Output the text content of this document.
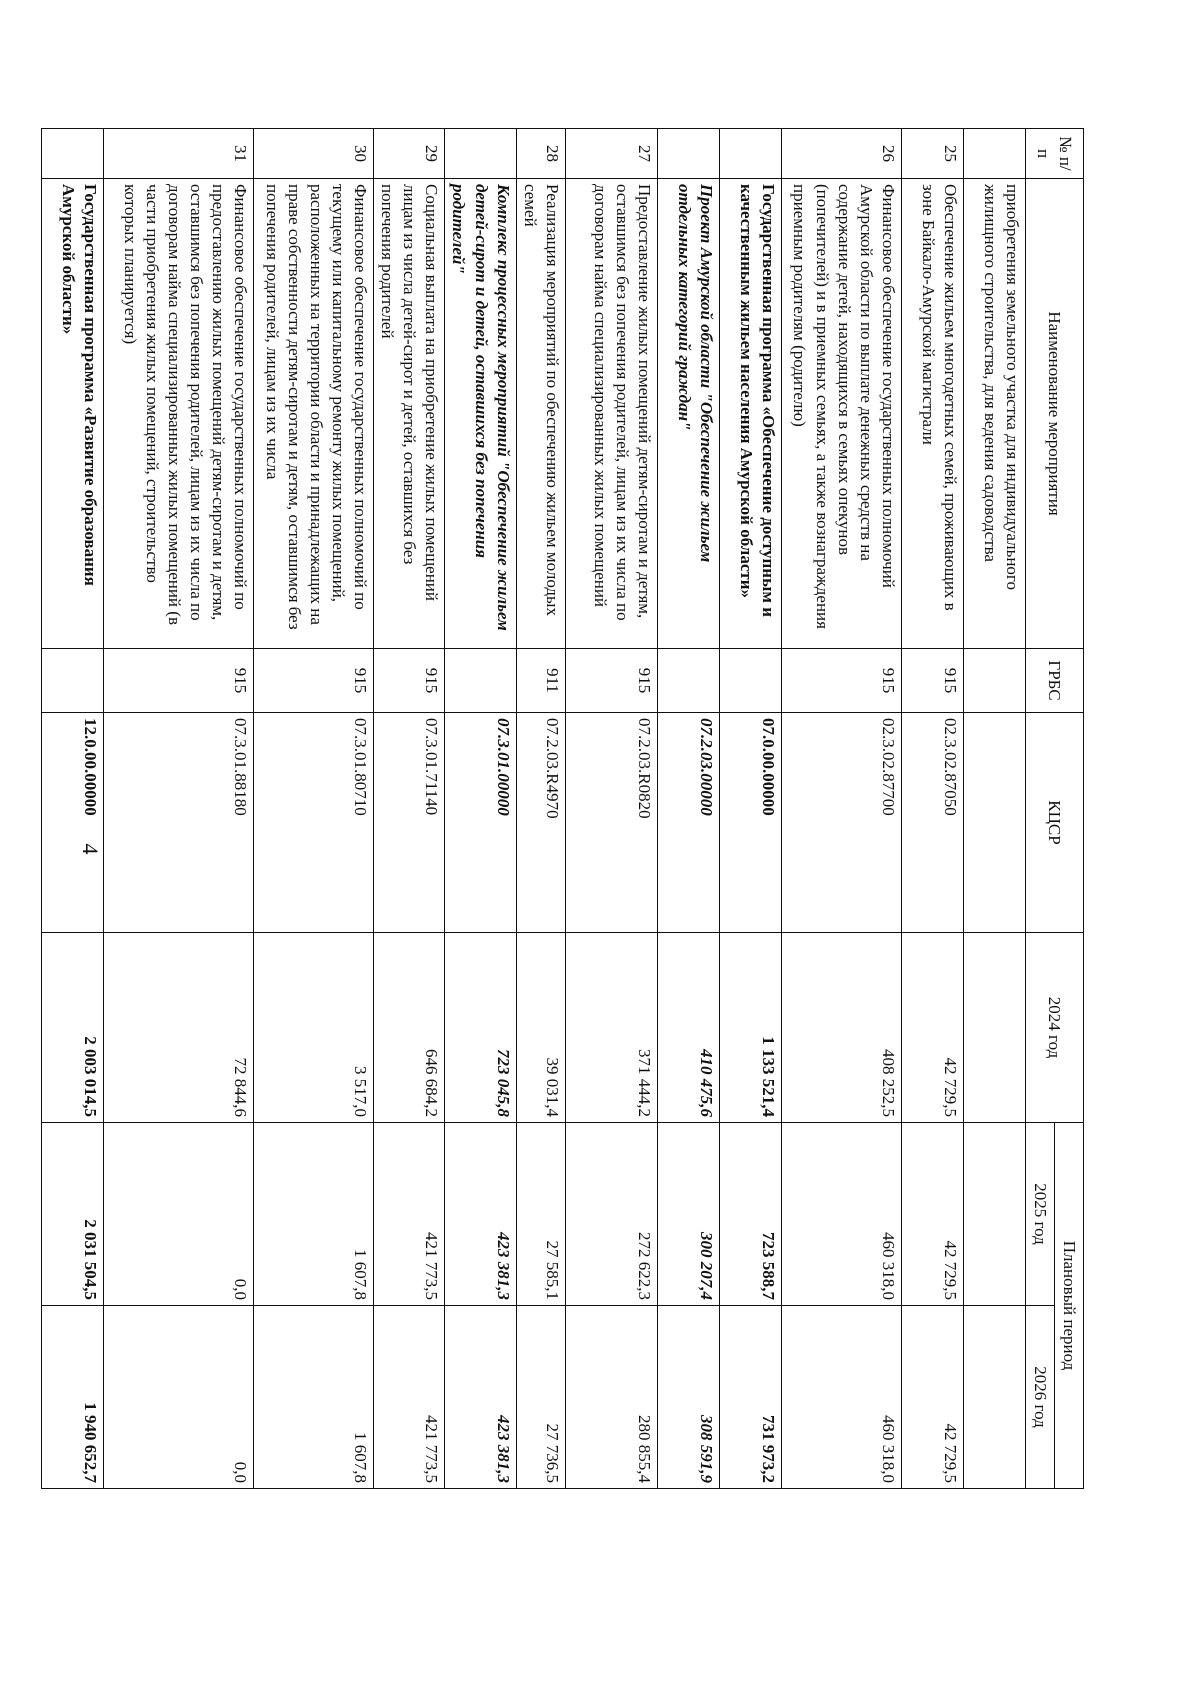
4
№ п/п	Наименование мероприятия	ГРБС	КЦСР	2024 год	Плановый период	
					2025 год	2026 год
	приобретения земельного участка для индивидуального жилищного строительства, для ведения садоводства					
25	Обеспечение жильем многодетных семей, проживающих в зоне Байкало-Амурской магистрали	915	02.3.02.87050	42 729,5	42 729,5	42 729,5
26	Финансовое обеспечение государственных полномочий Амурской области по выплате денежных средств на содержание детей, находящихся в семьях опекунов (попечителей) и в приемных семьях, а также вознаграждения приемным родителям (родителю)	915	02.3.02.87700	408 252,5	460 318,0	460 318,0
	Государственная программа «Обеспечение доступным и качественным жильем населения Амурской области»		07.0.00.00000	1 133 521,4	723 588,7	731 973,2
	Проект Амурской области "Обеспечение жильем отдельных категорий граждан"		07.2.03.00000	410 475,6	300 207,4	308 591,9
27	Предоставление жилых помещений детям-сиротам и детям, оставшимся без попечения родителей, лицам из их числа по договорам найма специализированных жилых помещений	915	07.2.03.R0820	371 444,2	272 622,3	280 855,4
28	Реализация мероприятий по обеспечению жильем молодых семей	911	07.2.03.R4970	39 031,4	27 585,1	27 736,5
	Комплекс процессных мероприятий "Обеспечение жильем детей-сирот и детей, оставшихся без попечения родителей"		07.3.01.00000	723 045,8	423 381,3	423 381,3
29	Социальная выплата на приобретение жилых помещений лицам из числа детей-сирот и детей, оставшихся без попечения родителей	915	07.3.01.71140	646 684,2	421 773,5	421 773,5
30	Финансовое обеспечение государственных полномочий по текущему или капитальному ремонту жилых помещений, расположенных на территории области и принадлежащих на праве собственности детям-сиротам и детям, оставшимся без попечения родителей, лицам из их числа	915	07.3.01.80710	3 517,0	1 607,8	1 607,8
31	Финансовое обеспечение государственных полномочий по предоставлению жилых помещений детям-сиротам и детям, оставшимся без попечения родителей, лицам из их числа по договорам найма специализированных жилых помещений (в части приобретения жилых помещений, строительство которых планируется)	915	07.3.01.88180	72 844,6	0,0	0,0
	Государственная программа «Развитие образования Амурской области»		12.0.00.00000	2 003 014,5	2 031 504,5	1 940 652,7
